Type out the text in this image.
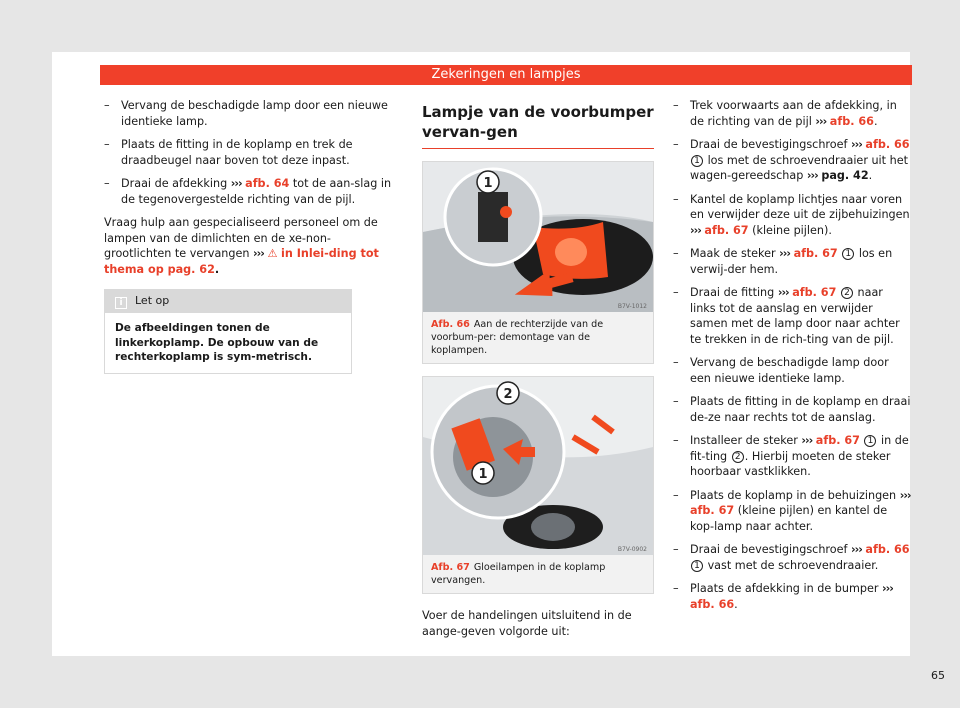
Zekeringen en lampjes
– Vervang de beschadigde lamp door een nieuwe identieke lamp.
– Plaats de fitting in de koplamp en trek de draadbeugel naar boven tot deze inpast.
– Draai de afdekking ››› afb. 64 tot de aan-slag in de tegenovergestelde richting van de pijl.

Vraag hulp aan gespecialiseerd personeel om de lampen van de dimlichten en de xe-non-grootlichten te vervangen ››› ⚠ in Inlei-ding tot thema op pag. 62.

i Let op
De afbeeldingen tonen de linkerkoplamp. De opbouw van de rechterkoplamp is sym-metrisch.
Lampje van de voorbumper vervan-gen
1
B7V-1012
Afb. 66 Aan de rechterzijde van de voorbum-per: demontage van de koplampen.
2
1
B7V-0902
Afb. 67 Gloeilampen in de koplamp vervangen.

Voer de handelingen uitsluitend in de aange-geven volgorde uit:

– Trek voorwaarts aan de afdekking, in de richting van de pijl ››› afb. 66.
– Draai de bevestigingschroef ››› afb. 66 1 los met de schroevendraaier uit het wagen-gereedschap ››› pag. 42.
– Kantel de koplamp lichtjes naar voren en verwijder deze uit de zijbehuizingen ››› afb. 67 (kleine pijlen).
– Maak de steker ››› afb. 67 1 los en verwij-der hem.
– Draai de fitting ››› afb. 67 2 naar links tot de aanslag en verwijder samen met de lamp door naar achter te trekken in de rich-ting van de pijl.
– Vervang de beschadigde lamp door een nieuwe identieke lamp.
– Plaats de fitting in de koplamp en draai de-ze naar rechts tot de aanslag.
– Installeer de steker ››› afb. 67 1 in de fit-ting 2 . Hierbij moeten de steker hoorbaar vastklikken.
– Plaats de koplamp in de behuizingen ››› afb. 67 (kleine pijlen) en kantel de kop-lamp naar achter.
– Draai de bevestigingschroef ››› afb. 66 1 vast met de schroevendraaier.
– Plaats de afdekking in de bumper ››› afb. 66.
65
